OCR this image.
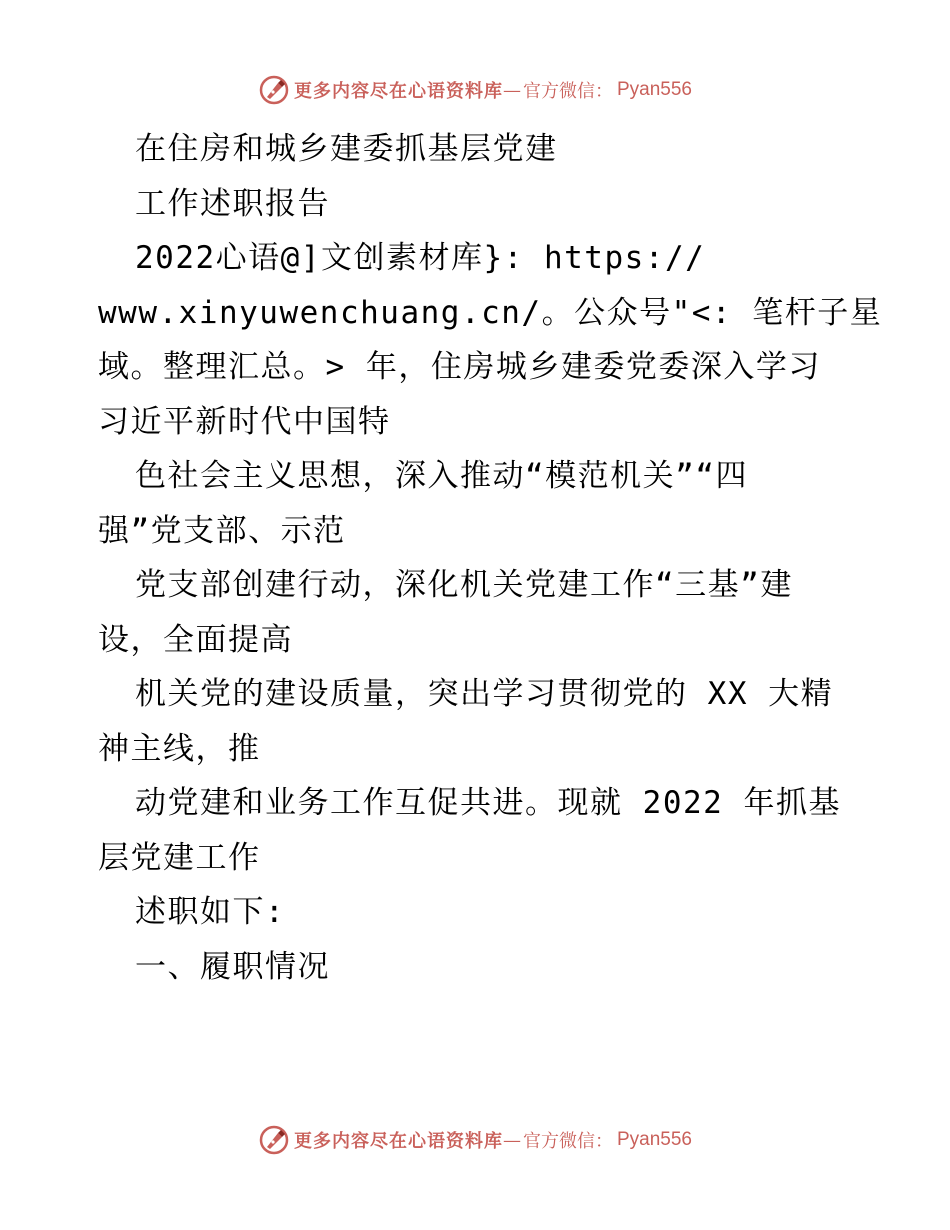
更多内容尽在心语资料库 — 官方微信： Pyan556
在住房和城乡建委抓基层党建
工作述职报告
2022心语@]文创素材库}: https://
www.xinyuwenchuang.cn/。公众号"<: 笔杆子星
域。整理汇总。> 年，住房城乡建委党委深入学习
习近平新时代中国特
色社会主义思想，深入推动“模范机关”“四
强”党支部、示范
党支部创建行动，深化机关党建工作“三基”建
设，全面提高
机关党的建设质量，突出学习贯彻党的 XX 大精
神主线，推
动党建和业务工作互促共进。现就 2022 年抓基
层党建工作
述职如下:
一、履职情况
更多内容尽在心语资料库 — 官方微信： Pyan556
